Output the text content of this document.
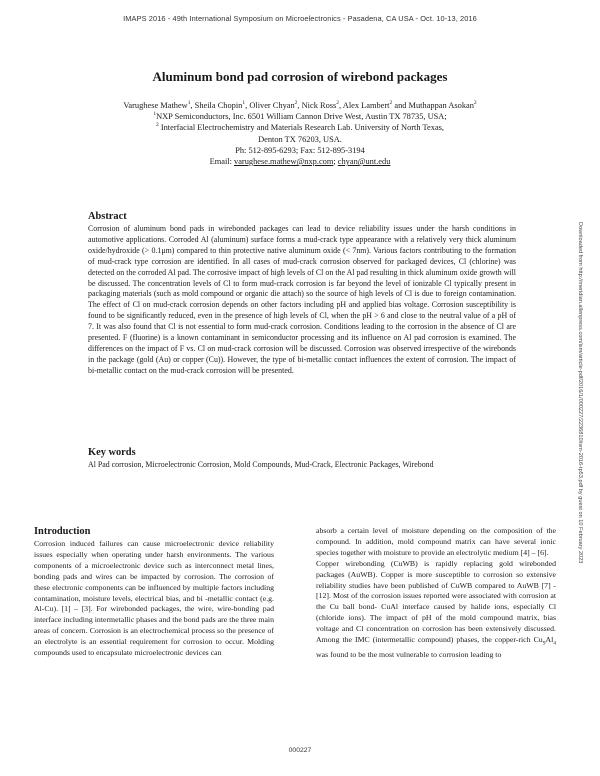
IMAPS 2016 - 49th International Symposium on Microelectronics - Pasadena, CA USA - Oct. 10-13, 2016
Aluminum bond pad corrosion of wirebond packages
Varughese Mathew$^1$, Sheila Chopin$^1$, Oliver Chyan$^2$, Nick Ross$^2$, Alex Lambert$^2$ and Muthappan Asokan$^2$
$^1$NXP Semiconductors, Inc. 6501 William Cannon Drive West, Austin TX 78735, USA;
$^2$ Interfacial Electrochemistry and Materials Research Lab. University of North Texas,
Denton TX 76203, USA.
Ph: 512-895-6293; Fax: 512-895-3194
Email: varughese.mathew@nxp.com; chyan@unt.edu
Downloaded from http://meridian.allenpress.com/ism/article-pdf/2016/1/000227/2236810/ism-2016-tp53.pdf by guest on 10 February 2023
Abstract

Corrosion of aluminum bond pads in wirebonded packages can lead to device reliability issues under the harsh conditions in automotive applications. Corroded Al (aluminum) surface forms a mud-crack type appearance with a relatively very thick aluminum oxide/hydroxide (> 0.1μm) compared to thin protective native aluminum oxide (< 7nm). Various factors contributing to the formation of mud-crack type corrosion are identified. In all cases of mud-crack corrosion observed for packaged devices, Cl (chlorine) was detected on the corroded Al pad. The corrosive impact of high levels of Cl on the Al pad resulting in thick aluminum oxide growth will be discussed. The concentration levels of Cl to form mud-crack corrosion is far beyond the level of ionizable Cl typically present in packaging materials (such as mold compound or organic die attach) so the source of high levels of Cl is due to foreign contamination. The effect of Cl on mud-crack corrosion depends on other factors including pH and applied bias voltage. Corrosion susceptibility is found to be significantly reduced, even in the presence of high levels of Cl, when the pH > 6 and close to the neutral value of a pH of 7. It was also found that Cl is not essential to form mud-crack corrosion. Conditions leading to the corrosion in the absence of Cl are presented. F (fluorine) is a known contaminant in semiconductor processing and its influence on Al pad corrosion is examined. The differences on the impact of F vs. Cl on mud-crack corrosion will be discussed. Corrosion was observed irrespective of the wirebonds in the package (gold (Au) or copper (Cu)). However, the type of bi-metallic contact influences the extent of corrosion. The impact of bi-metallic contact on the mud-crack corrosion will be presented.

Key words

Al Pad corrosion, Microelectronic Corrosion, Mold Compounds, Mud-Crack, Electronic Packages, Wirebond

Introduction

Corrosion induced failures can cause microelectronic device reliability issues especially when operating under harsh environments. The various components of a microelectronic device such as interconnect metal lines, bonding pads and wires can be impacted by corrosion. The corrosion of these electronic components can be influenced by multiple factors including contamination, moisture levels, electrical bias, and bi -metallic contact (e.g. Al-Cu). [1] – [3]. For wirebonded packages, the wire, wire-bonding pad interface including intermetallic phases and the bond pads are the three main areas of concern. Corrosion is an electrochemical process so the presence of an electrolyte is an essential requirement for corrosion to occur. Molding compounds used to encapsulate microelectronic devices can

absorb a certain level of moisture depending on the composition of the compound. In addition, mold compound matrix can have several ionic species together with moisture to provide an electrolytic medium [4] – [6].

Copper wirebonding (CuWB) is rapidly replacing gold wirebonded packages (AuWB). Copper is more susceptible to corrosion so extensive reliability studies have been published of CuWB compared to AuWB [7] - [12]. Most of the corrosion issues reported were associated with corrosion at the Cu ball bond- CuAl interface caused by halide ions, especially Cl (chloride ions). The impact of pH of the mold compound matrix, bias voltage and Cl concentration on corrosion has been extensively discussed. Among the IMC (intermetallic compound) phases, the copper-rich $Cu_9Al_4$ was found to be the most vulnerable to corrosion leading to

000227
